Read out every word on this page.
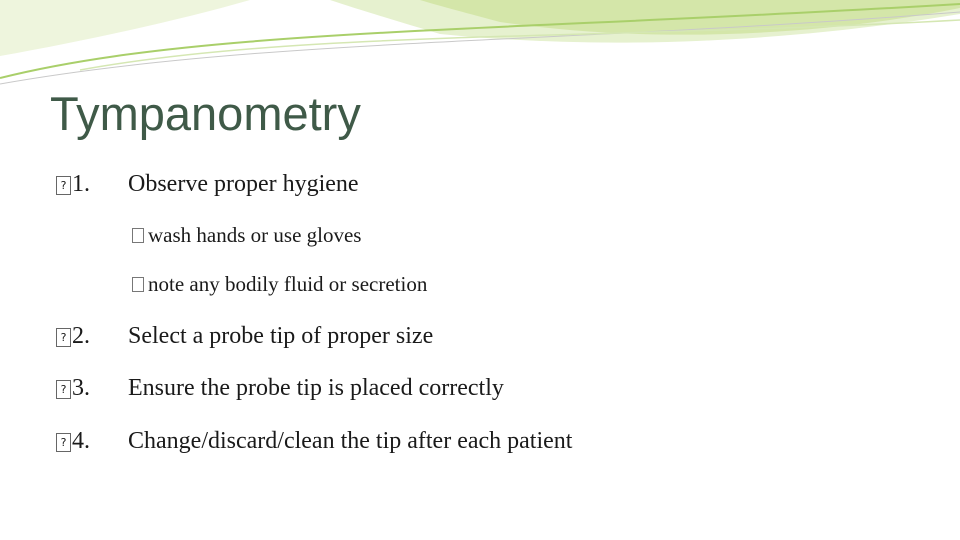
Tympanometry
? 1. Observe proper hygiene
wash hands or use gloves
note any bodily fluid or secretion
? 2. Select a probe tip of proper size
? 3. Ensure the probe tip is placed correctly
? 4. Change/discard/clean the tip after each patient
